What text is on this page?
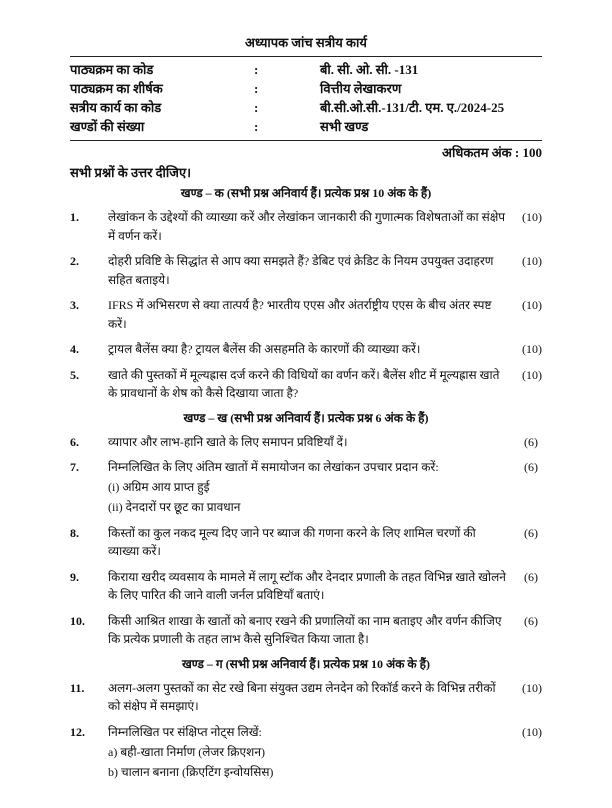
अध्यापक जांच सत्रीय कार्य
पाठ्यक्रम का कोड	:	बी. सी. ओ. सी. -131
पाठ्यक्रम का शीर्षक	:	वित्तीय लेखाकरण
सत्रीय कार्य का कोड	:	बी.सी.ओ.सी.-131/टी. एम. ए./2024-25
खण्डों की संख्या	:	सभी खण्ड
अधिकतम अंक : 100
सभी प्रश्नों के उत्तर दीजिए।
खण्ड – क (सभी प्रश्न अनिवार्य हैं। प्रत्येक प्रश्न 10 अंक के हैं)
1.	लेखांकन के उद्देश्यों की व्याख्या करें और लेखांकन जानकारी की गुणात्मक विशेषताओं का संक्षेप में वर्णन करें।
(10)
2.	दोहरी प्रविष्टि के सिद्धांत से आप क्या समझते हैं? डेबिट एवं क्रेडिट के नियम उपयुक्त उदाहरण सहित बताइये।
(10)
3.	IFRS में अभिसरण से क्या तात्पर्य है? भारतीय एएस और अंतर्राष्ट्रीय एएस के बीच अंतर स्पष्ट करें।
(10)
4.	ट्रायल बैलेंस क्या है? ट्रायल बैलेंस की असहमति के कारणों की व्याख्या करें।	(10)
5.	खाते की पुस्तकों में मूल्यह्रास दर्ज करने की विधियों का वर्णन करें। बैलेंस शीट में मूल्यह्रास खाते के प्रावधानों के शेष को कैसे दिखाया जाता है?
(10)
खण्ड – ख (सभी प्रश्न अनिवार्य हैं। प्रत्येक प्रश्न 6 अंक के हैं)
6.	व्यापार और लाभ-हानि खाते के लिए समापन प्रविष्टियाँ दें।	(6)
7.	निम्नलिखित के लिए अंतिम खातों में समायोजन का लेखांकन उपचार प्रदान करें:
(i) अग्रिम आय प्राप्त हुई
(ii) देनदारों पर छूट का प्रावधान
(6)
8.	किस्तों का कुल नकद मूल्य दिए जाने पर ब्याज की गणना करने के लिए शामिल चरणों की व्याख्या करें।
(6)
9.	किराया खरीद व्यवसाय के मामले में लागू स्टॉक और देनदार प्रणाली के तहत विभिन्न खाते खोलने के लिए पारित की जाने वाली जर्नल प्रविष्टियाँ बताएं।
(6)
10.	किसी आश्रित शाखा के खातों को बनाए रखने की प्रणालियों का नाम बताइए और वर्णन कीजिए कि प्रत्येक प्रणाली के तहत लाभ कैसे सुनिश्चित किया जाता है।
(6)
खण्ड – ग (सभी प्रश्न अनिवार्य हैं। प्रत्येक प्रश्न 10 अंक के हैं)
11.	अलग-अलग पुस्तकों का सेट रखे बिना संयुक्त उद्यम लेनदेन को रिकॉर्ड करने के विभिन्न तरीकों को संक्षेप में समझाएं।
(10)
12.	निम्नलिखित पर संक्षिप्त नोट्स लिखें:
a) बही-खाता निर्माण (लेजर क्रिएशन)
b) चालान बनाना (क्रिएटिंग इन्वोयसिस)
(10)
